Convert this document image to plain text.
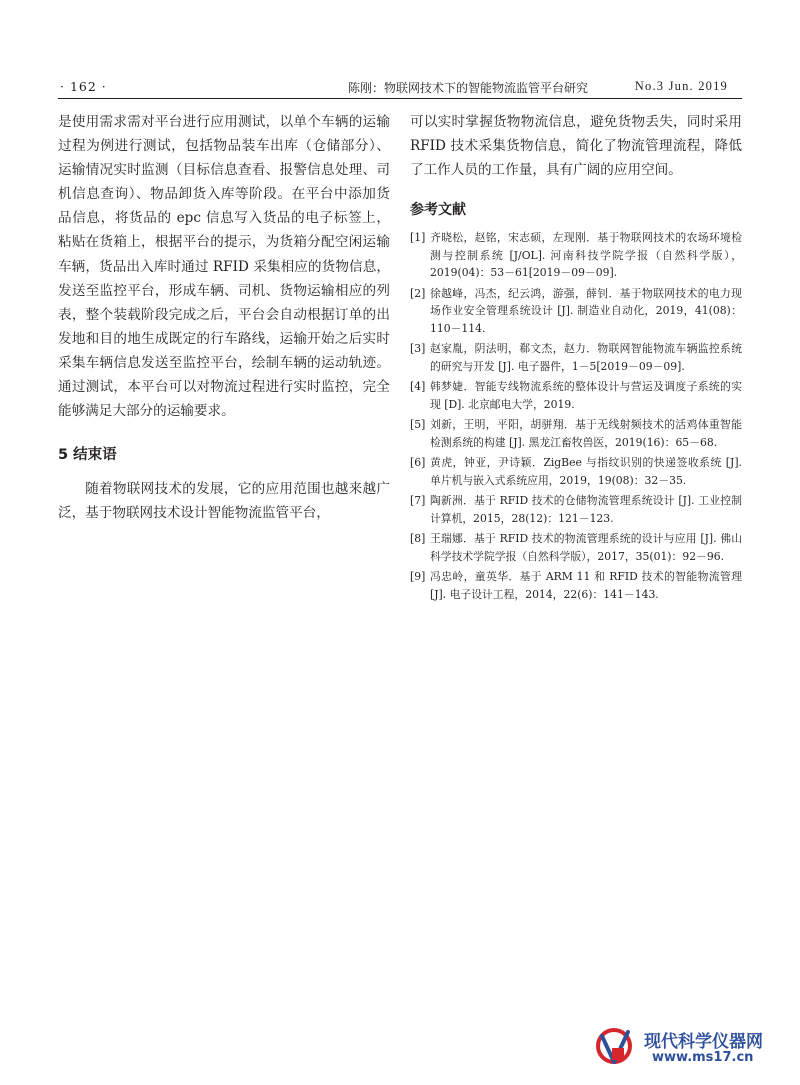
· 162 ·	陈刚：物联网技术下的智能物流监管平台研究	No.3 Jun. 2019

是使用需求需对平台进行应用测试，以单个车辆的运输过程为例进行测试，包括物品装车出库（仓储部分）、运输情况实时监测（目标信息查看、报警信息处理、司机信息查询）、物品卸货入库等阶段。在平台中添加货品信息，将货品的 epc 信息写入货品的电子标签上，粘贴在货箱上，根据平台的提示，为货箱分配空闲运输车辆，货品出入库时通过 RFID 采集相应的货物信息，发送至监控平台，形成车辆、司机、货物运输相应的列表，整个装载阶段完成之后，平台会自动根据订单的出发地和目的地生成既定的行车路线，运输开始之后实时采集车辆信息发送至监控平台，绘制车辆的运动轨迹。通过测试，本平台可以对物流过程进行实时监控，完全能够满足大部分的运输要求。

5 结束语

随着物联网技术的发展，它的应用范围也越来越广泛，基于物联网技术设计智能物流监管平台，

可以实时掌握货物物流信息，避免货物丢失，同时采用 RFID 技术采集货物信息，简化了物流管理流程，降低了工作人员的工作量，具有广阔的应用空间。

参考文献
[1] 齐晓松，赵铭，宋志硕，左现刚．基于物联网技术的农场环境检测与控制系统 [J/OL]. 河南科技学院学报（自然科学版），2019(04)：53－61[2019－09－09].
[2] 徐越峰，冯杰，纪云鸿，游强，薛钊．基于物联网技术的电力现场作业安全管理系统设计 [J]. 制造业自动化，2019，41(08)：110－114.
[3] 赵家胤，阴法明，郗文杰，赵力．物联网智能物流车辆监控系统的研究与开发 [J]. 电子器件，1－5[2019－09－09].
[4] 韩梦婕．智能专线物流系统的整体设计与营运及调度子系统的实现 [D]. 北京邮电大学，2019.
[5] 刘新，王明，平阳，胡骈翔．基于无线射频技术的活鸡体重智能检测系统的构建 [J]. 黑龙江畜牧兽医，2019(16)：65－68.
[6] 黄虎，钟亚，尹诗颖．ZigBee 与指纹识别的快递签收系统 [J]. 单片机与嵌入式系统应用，2019，19(08)：32－35.
[7] 陶新洲．基于 RFID 技术的仓储物流管理系统设计 [J]. 工业控制计算机，2015，28(12)：121－123.
[8] 王瑞娜．基于 RFID 技术的物流管理系统的设计与应用 [J]. 佛山科学技术学院学报（自然科学版），2017，35(01)：92－96.
[9] 冯忠岭，童英华．基于 ARM 11 和 RFID 技术的智能物流管理 [J]. 电子设计工程，2014，22(6)：141－143.
现代科学仪器网
www.ms17.cn
